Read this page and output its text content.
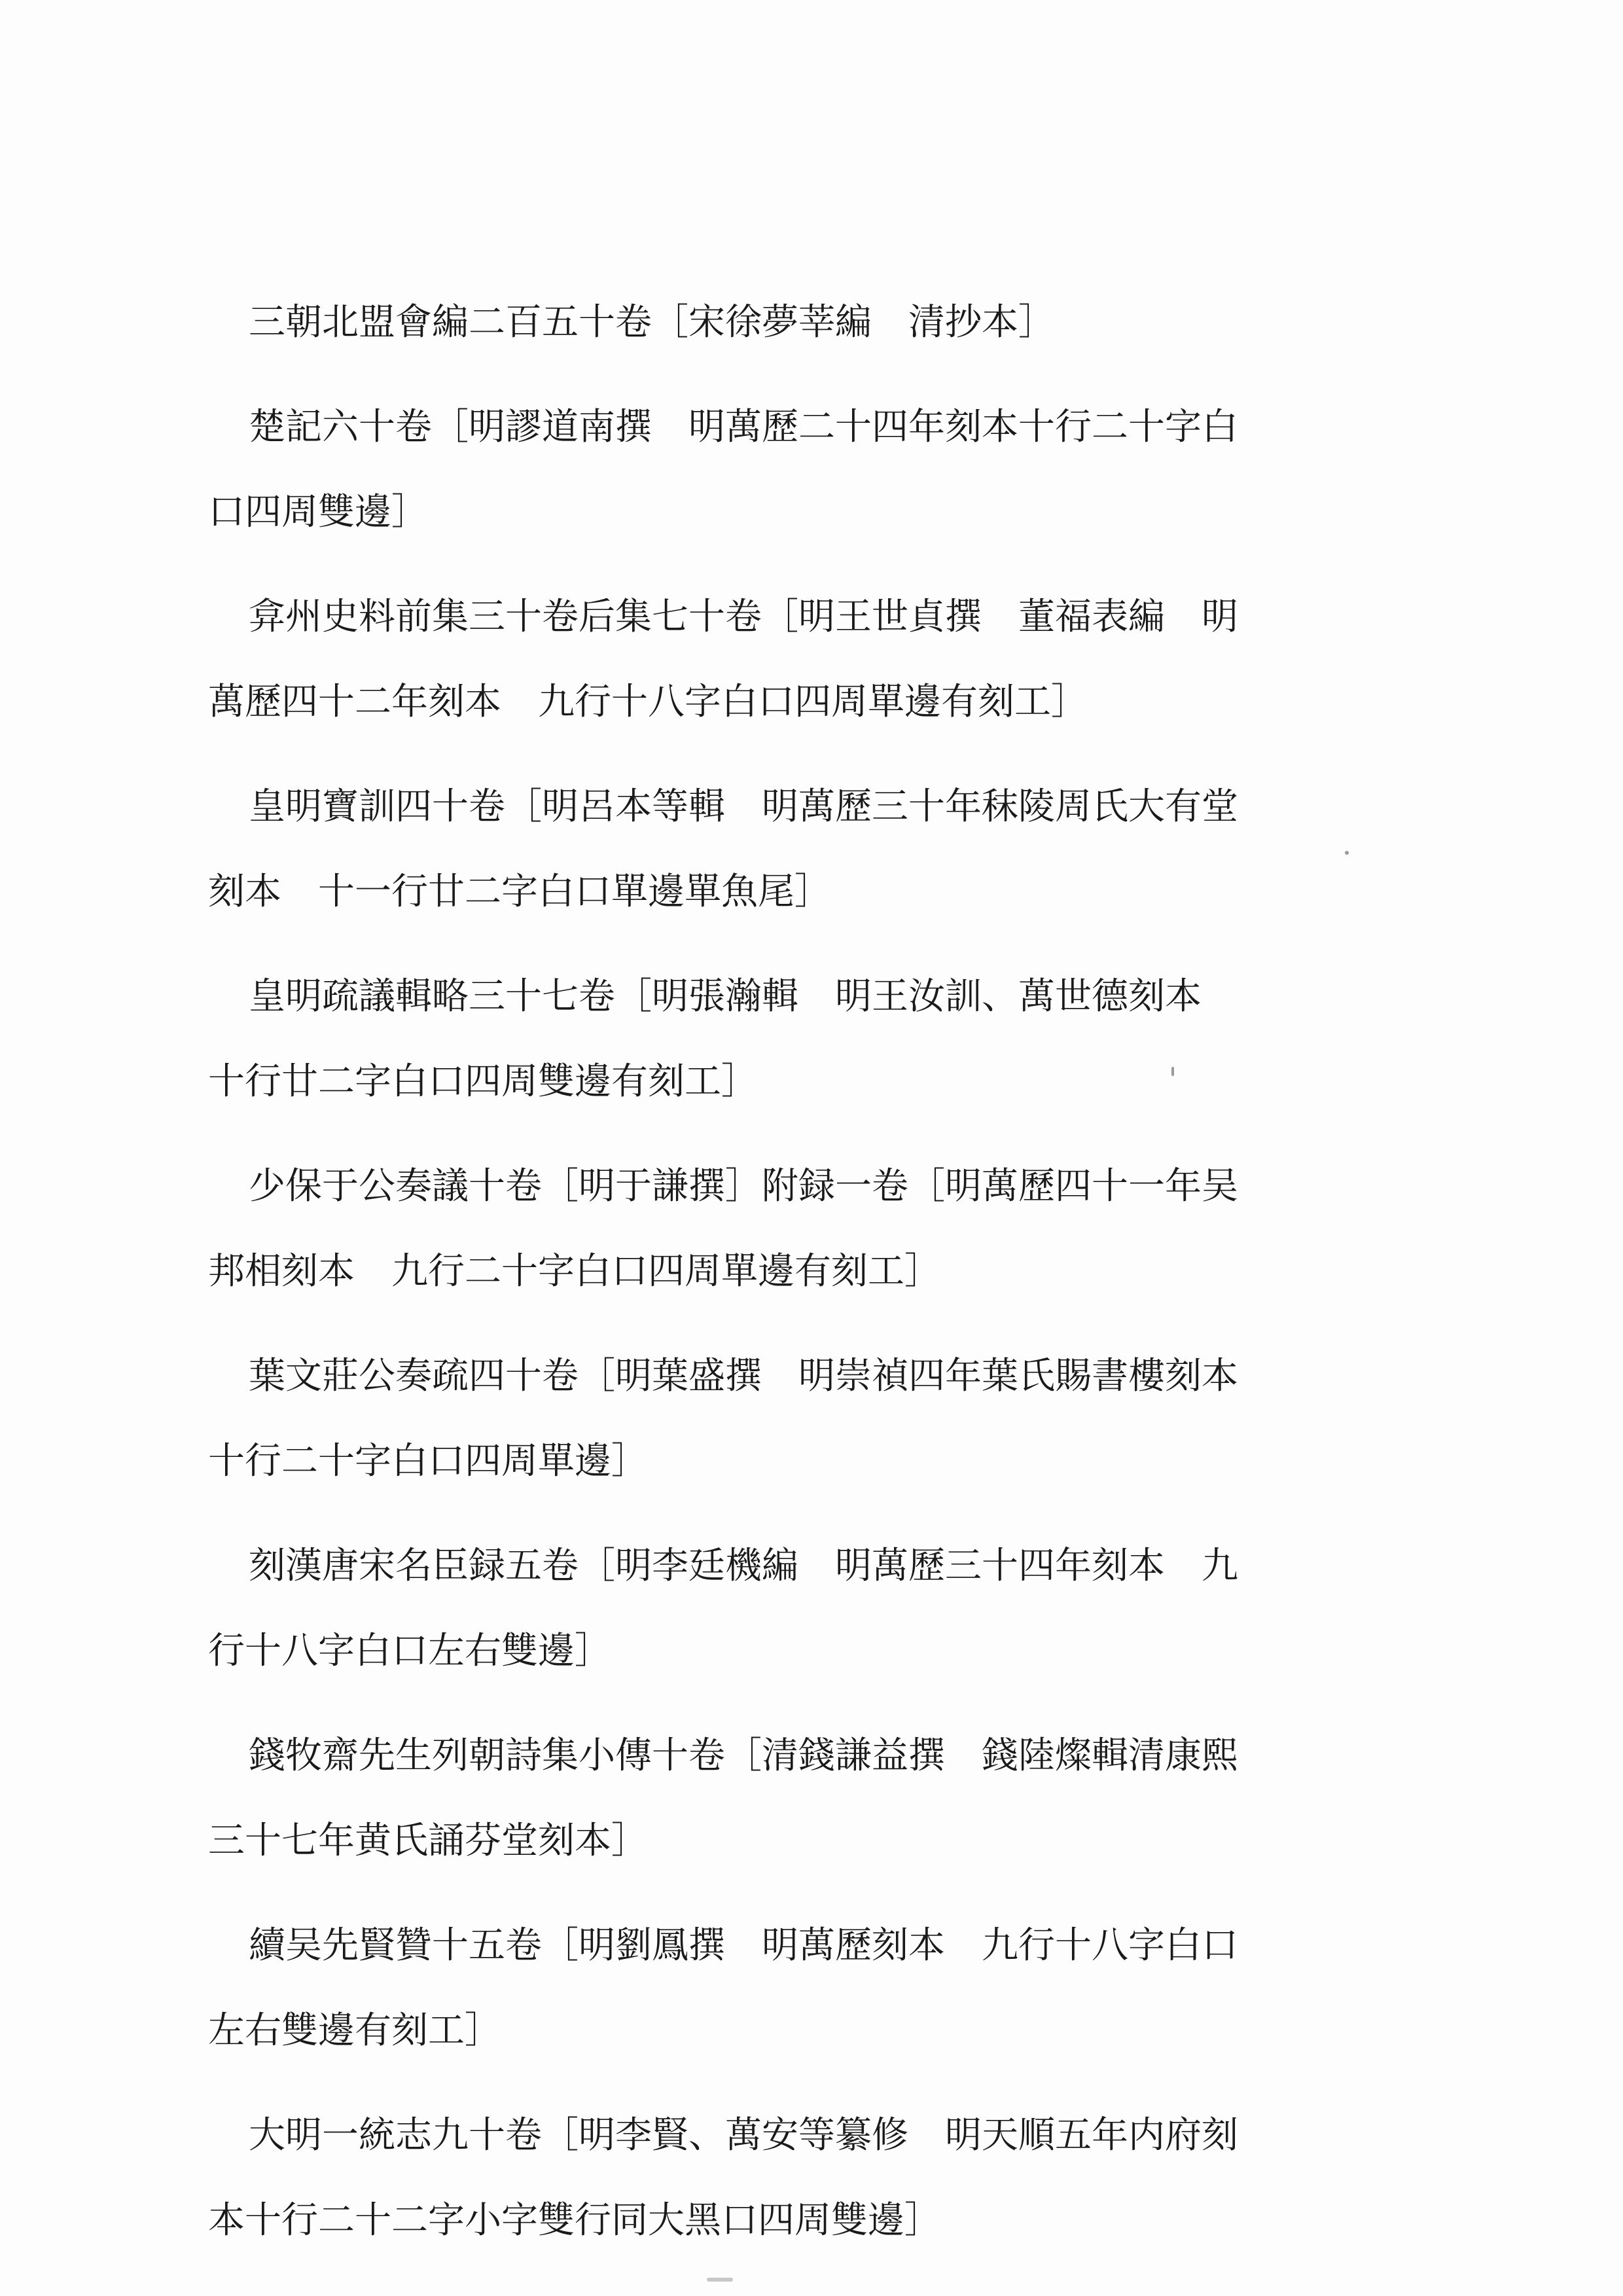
三朝北盟會編二百五十卷［宋徐夢莘編　清抄本］
楚記六十卷［明謬道南撰　明萬歷二十四年刻本十行二十字白
口四周雙邊］
弇州史料前集三十卷后集七十卷［明王世貞撰　董福表編　明
萬歷四十二年刻本　九行十八字白口四周單邊有刻工］
皇明寶訓四十卷［明呂本等輯　明萬歷三十年秣陵周氏大有堂
刻本　十一行廿二字白口單邊單魚尾］
皇明疏議輯略三十七卷［明張瀚輯　明王汝訓、萬世德刻本
十行廿二字白口四周雙邊有刻工］
少保于公奏議十卷［明于謙撰］附録一卷［明萬歷四十一年吴
邦相刻本　九行二十字白口四周單邊有刻工］
葉文莊公奏疏四十卷［明葉盛撰　明崇禎四年葉氏賜書樓刻本
十行二十字白口四周單邊］
刻漢唐宋名臣録五卷［明李廷機編　明萬歷三十四年刻本　九
行十八字白口左右雙邊］
錢牧齋先生列朝詩集小傳十卷［清錢謙益撰　錢陸燦輯清康熙
三十七年黄氏誦芬堂刻本］
續吴先賢贊十五卷［明劉鳳撰　明萬歷刻本　九行十八字白口
左右雙邊有刻工］
大明一統志九十卷［明李賢、萬安等纂修　明天順五年内府刻
本十行二十二字小字雙行同大黑口四周雙邊］
